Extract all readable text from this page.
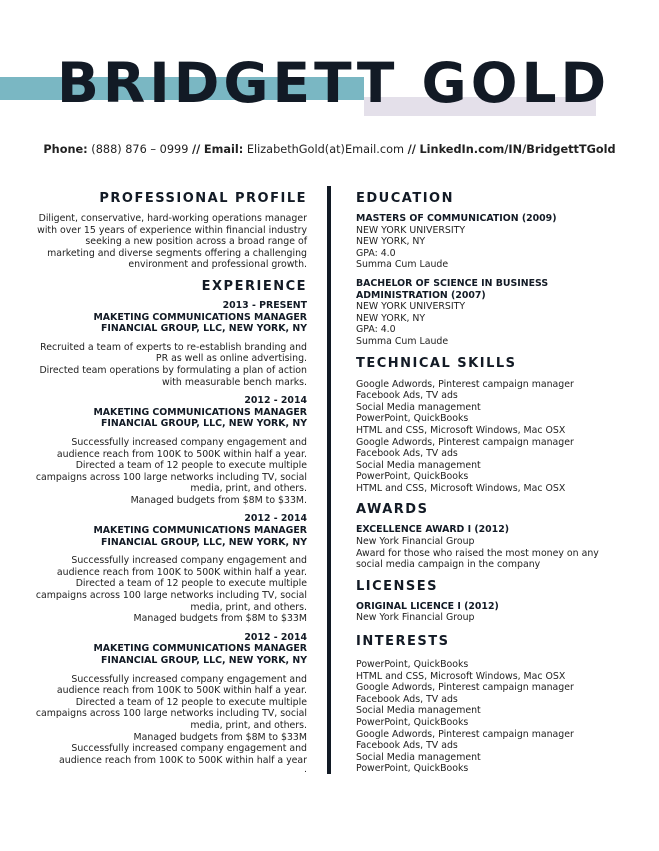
BRIDGETT GOLD
Phone: (888) 876 – 0999 // Email: ElizabethGold(at)Email.com // LinkedIn.com/IN/BridgettTGold
PROFESSIONAL PROFILE
Diligent, conservative, hard-working operations manager
with over 15 years of experience within financial industry
seeking a new position across a broad range of
marketing and diverse segments offering a challenging
environment and professional growth.
EXPERIENCE
2013 - PRESENT
MAKETING COMMUNICATIONS MANAGER
FINANCIAL GROUP, LLC, NEW YORK, NY
Recruited a team of experts to re-establish branding and
PR as well as online advertising.
Directed team operations by formulating a plan of action
with measurable bench marks.
2012 - 2014
MAKETING COMMUNICATIONS MANAGER
FINANCIAL GROUP, LLC, NEW YORK, NY
Successfully increased company engagement and
audience reach from 100K to 500K within half a year.
Directed a team of 12 people to execute multiple
campaigns across 100 large networks including TV, social
media, print, and others.
Managed budgets from $8M to $33M.
2012 - 2014
MAKETING COMMUNICATIONS MANAGER
FINANCIAL GROUP, LLC, NEW YORK, NY
Successfully increased company engagement and
audience reach from 100K to 500K within half a year.
Directed a team of 12 people to execute multiple
campaigns across 100 large networks including TV, social
media, print, and others.
Managed budgets from $8M to $33M
2012 - 2014
MAKETING COMMUNICATIONS MANAGER
FINANCIAL GROUP, LLC, NEW YORK, NY
Successfully increased company engagement and
audience reach from 100K to 500K within half a year.
Directed a team of 12 people to execute multiple
campaigns across 100 large networks including TV, social
media, print, and others.
Managed budgets from $8M to $33M
Successfully increased company engagement and
audience reach from 100K to 500K within half a year
.
EDUCATION
MASTERS OF COMMUNICATION (2009)
NEW YORK UNIVERSITY
NEW YORK, NY
GPA: 4.0
Summa Cum Laude
BACHELOR OF SCIENCE IN BUSINESS
ADMINISTRATION (2007)
NEW YORK UNIVERSITY
NEW YORK, NY
GPA: 4.0
Summa Cum Laude
TECHNICAL SKILLS
Google Adwords, Pinterest campaign manager
Facebook Ads, TV ads
Social Media management
PowerPoint, QuickBooks
HTML and CSS, Microsoft Windows, Mac OSX
Google Adwords, Pinterest campaign manager
Facebook Ads, TV ads
Social Media management
PowerPoint, QuickBooks
HTML and CSS, Microsoft Windows, Mac OSX
AWARDS
EXCELLENCE AWARD I (2012)
New York Financial Group
Award for those who raised the most money on any
social media campaign in the company
LICENSES
ORIGINAL LICENCE I (2012)
New York Financial Group
INTERESTS
PowerPoint, QuickBooks
HTML and CSS, Microsoft Windows, Mac OSX
Google Adwords, Pinterest campaign manager
Facebook Ads, TV ads
Social Media management
PowerPoint, QuickBooks
Google Adwords, Pinterest campaign manager
Facebook Ads, TV ads
Social Media management
PowerPoint, QuickBooks
